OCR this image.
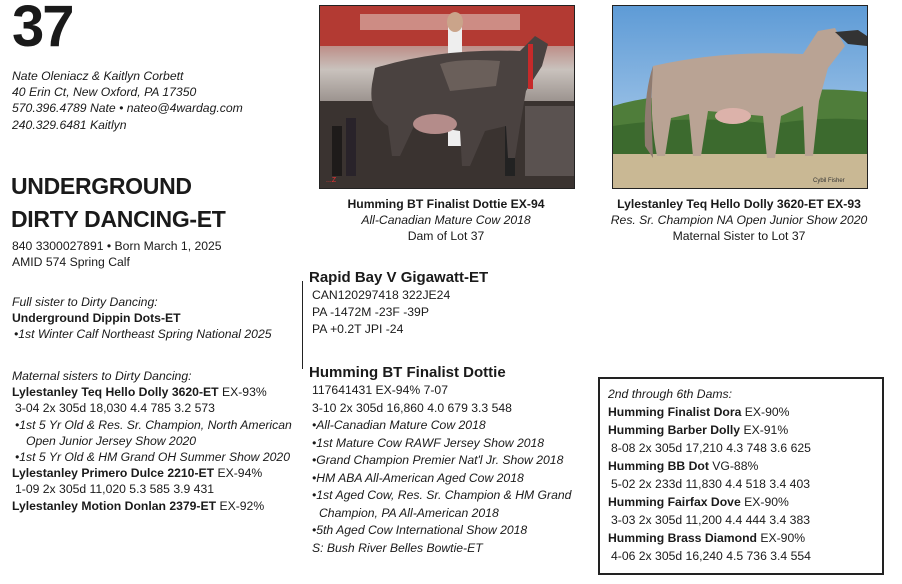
37
Nate Oleniacz & Kaitlyn Corbett
40 Erin Ct, New Oxford, PA 17350
570.396.4789 Nate • nateo@4wardag.com
240.329.6481 Kaitlyn
UNDERGROUND
DIRTY DANCING-ET
840 3300027891 • Born March 1, 2025
AMID 574 Spring Calf
Full sister to Dirty Dancing:
Underground Dippin Dots-ET
•1st Winter Calf Northeast Spring National 2025
Maternal sisters to Dirty Dancing:
Lylestanley Teq Hello Dolly 3620-ET EX-93%
3-04 2x 305d 18,030 4.4 785 3.2 573
•1st 5 Yr Old & Res. Sr. Champion, North American
Open Junior Jersey Show 2020
•1st 5 Yr Old & HM Grand OH Summer Show 2020
Lylestanley Primero Dulce 2210-ET EX-94%
1-09 2x 305d 11,020 5.3 585 3.9 431
Lylestanley Motion Donlan 2379-ET EX-92%
...Z
Humming BT Finalist Dottie EX-94
All-Canadian Mature Cow 2018
Dam of Lot 37
Cybil Fisher
Lylestanley Teq Hello Dolly 3620-ET EX-93
Res. Sr. Champion NA Open Junior Show 2020
Maternal Sister to Lot 37
Rapid Bay V Gigawatt-ET
CAN120297418 322JE24
PA -1472M -23F -39P
PA +0.2T JPI -24
Humming BT Finalist Dottie
117641431 EX-94% 7-07
3-10 2x 305d 16,860 4.0 679 3.3 548
•All-Canadian Mature Cow 2018
•1st Mature Cow RAWF Jersey Show 2018
•Grand Champion Premier Nat'l Jr. Show 2018
•HM ABA All-American Aged Cow 2018
•1st Aged Cow, Res. Sr. Champion & HM Grand
Champion, PA All-American 2018
•5th Aged Cow International Show 2018
S: Bush River Belles Bowtie-ET
2nd through 6th Dams:
Humming Finalist Dora EX-90%
Humming Barber Dolly EX-91%
8-08 2x 305d 17,210 4.3 748 3.6 625
Humming BB Dot VG-88%
5-02 2x 233d 11,830 4.4 518 3.4 403
Humming Fairfax Dove EX-90%
3-03 2x 305d 11,200 4.4 444 3.4 383
Humming Brass Diamond EX-90%
4-06 2x 305d 16,240 4.5 736 3.4 554
